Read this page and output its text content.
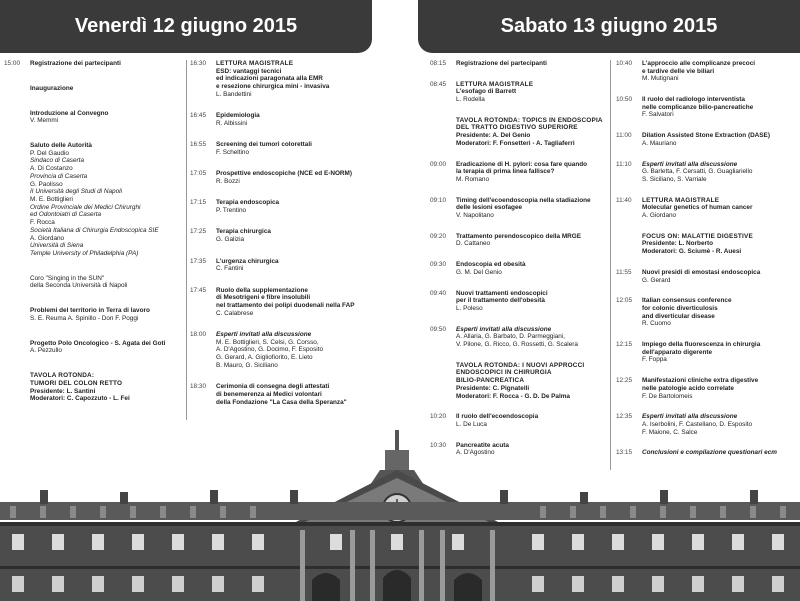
Venerdì 12 giugno 2015	Sabato 13 giugno 2015
15:00 Registrazione dei partecipanti
Inaugurazione
Introduzione al Convegno
V. Memmi
Saluto delle Autorità
P. Del Gaudio
Sindaco di Caserta
A. Di Costanzo
Provincia di Caserta
G. Paolisso
II Università degli Studi di Napoli
M. E. Bottiglieri
Ordine Provinciale dei Medici Chirurghi
ed Odontoiatri di Caserta
F. Rocca
Società Italiana di Chirurgia Endoscopica SIE
A. Giordano
Università di Siena
Temple University of Philadelphia (PA)
Coro "Singing in the SUN"
della Seconda Università di Napoli
Problemi del territorio in Terra di lavoro
S. E. Reuma A. Spinillo - Don F. Poggi
Progetto Polo Oncologico - S. Agata dei Goti
A. Pezzullo
TAVOLA ROTONDA:
TUMORI DEL COLON RETTO
Presidente: L. Santini
Moderatori: C. Capozzuto - L. Fei
16:30 LETTURA MAGISTRALE
ESD: vantaggi tecnici
ed indicazioni paragonata alla EMR
e resezione chirurgica mini - invasiva
L. Bandettini
16:45 Epidemiologia
R. Albissini
16:55 Screening dei tumori colorettali
F. Scheltino
17:05 Prospettive endoscopiche (NCE ed E-NORM)
R. Bozzi
17:15 Terapia endoscopica
P. Trentino
17:25 Terapia chirurgica
G. Galizia
17:35 L'urgenza chirurgica
C. Fantini
17:45 Ruolo della supplementazione
di Mesotrigeni e fibre insolubili
nel trattamento dei polipi duodenali nella FAP
C. Calabrese
18:00 Esperti invitati alla discussione
M. E. Bottiglieri, S. Celsi, G. Corsso,
A. D'Agostino, G. Docimo, F. Esposito
G. Gerard, A. Gigliofiorito, E. Lieto
B. Mauro, G. Siciliano
18:30 Cerimonia di consegna degli attestati
di benemerenza ai Medici volontari
della Fondazione "La Casa della Speranza"
08:15 Registrazione dei partecipanti
08:45 LETTURA MAGISTRALE
L'esofago di Barrett
L. Rodella
TAVOLA ROTONDA: TOPICS IN ENDOSCOPIA
DEL TRATTO DIGESTIVO SUPERIORE
Presidente: A. Del Genio
Moderatori: F. Fonsetteri - A. Tagliaferri
09:00 Eradicazione di H. pylori: cosa fare quando
la terapia di prima linea fallisce?
M. Romano
09:10 Timing dell'ecoendoscopia nella stadiazione
delle lesioni esofagee
V. Napolitano
09:20 Trattamento perendoscopico della MRGE
D. Cattaneo
09:30 Endoscopia ed obesità
G. M. Del Genio
09:40 Nuovi trattamenti endoscopici
per il trattamento dell'obesità
L. Poleso
09:50 Esperti invitati alla discussione
A. Allaria, G. Barbato, D. Parmeggiani,
V. Pilone, G. Ricco, G. Rossetti, G. Scalera
TAVOLA ROTONDA: I NUOVI APPROCCI
ENDOSCOPICI IN CHIRURGIA
BILIO-PANCREATICA
Presidente: C. Pignatelli
Moderatori: F. Rocca - G. D. De Palma
10:20 Il ruolo dell'ecoendoscopia
L. De Luca
10:30 Pancreatite acuta
A. D'Agostino
10:40 L'approccio alle complicanze precoci
e tardive delle vie biliari
M. Mutignani
10:50 Il ruolo del radiologo interventista
nelle complicanze bilio-pancreatiche
F. Salvatori
11:00 Dilation Assisted Stone Extraction (DASE)
A. Mauriano
11:10 Esperti invitati alla discussione
G. Barletta, F. Cersatti, G. Guagliariello
S. Siciliano, S. Varriale
11:40 LETTURA MAGISTRALE
Molecular genetics of human cancer
A. Giordano
FOCUS ON: MALATTIE DIGESTIVE
Presidente: L. Norberto
Moderatori: G. Sciumè - R. Auesi
11:55 Nuovi presidi di emostasi endoscopica
G. Gerard
12:05 Italian consensus conference
for colonic diverticulosis
and diverticular disease
R. Cuomo
12:15 Impiego della fluorescenza in chirurgia
dell'apparato digerente
F. Foppa
12:25 Manifestazioni cliniche extra digestive
nelle patologie acido correlate
F. De Bartolomeis
12:35 Esperti invitati alla discussione
A. Iserbolini, F. Castellano, D. Esposito
F. Maione, C. Salce
13:15 Conclusioni e compilazione questionari ecm
